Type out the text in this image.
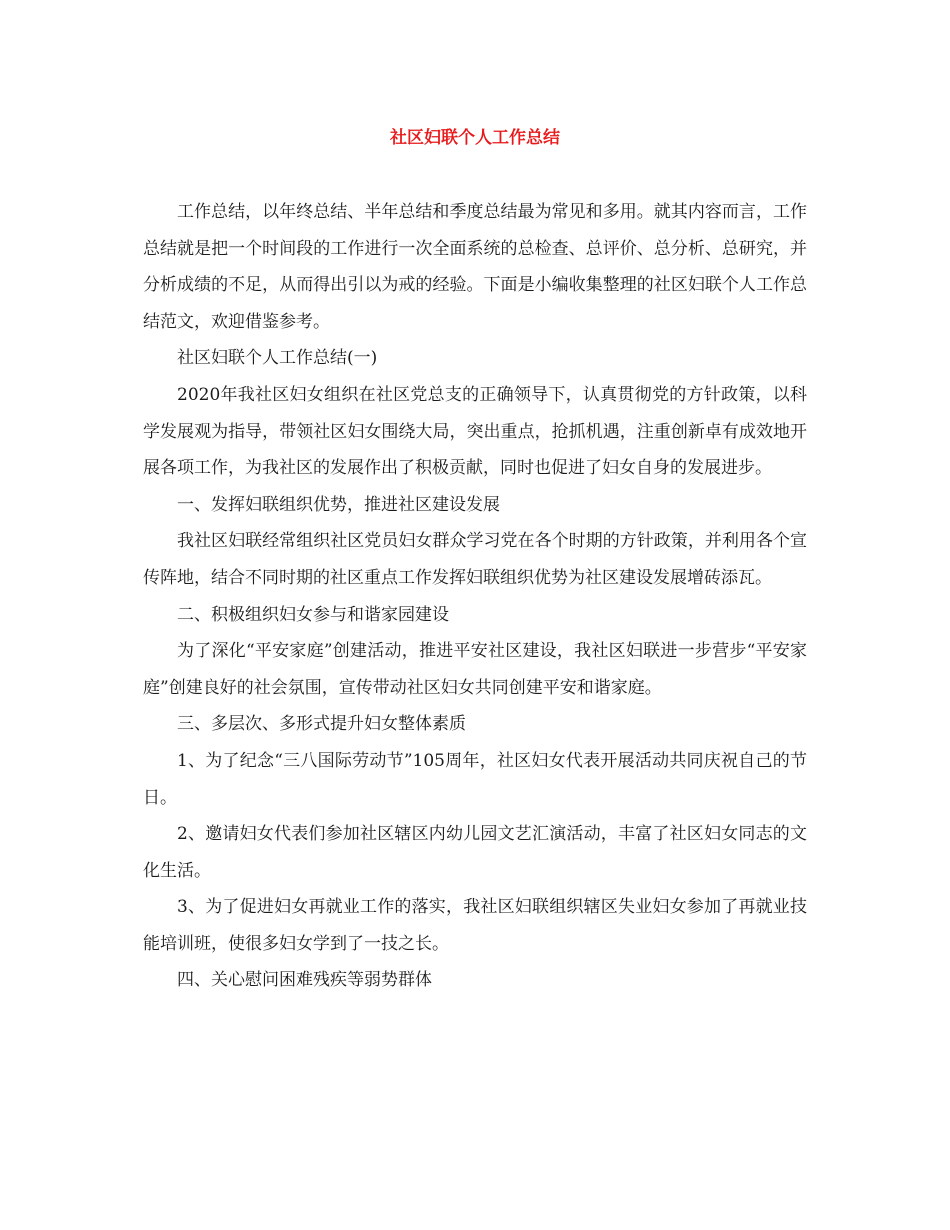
社区妇联个人工作总结

工作总结，以年终总结、半年总结和季度总结最为常见和多用。就其内容而言，工作总结就是把一个时间段的工作进行一次全面系统的总检查、总评价、总分析、总研究，并分析成绩的不足，从而得出引以为戒的经验。下面是小编收集整理的社区妇联个人工作总结范文，欢迎借鉴参考。

社区妇联个人工作总结(一)

2020年我社区妇女组织在社区党总支的正确领导下，认真贯彻党的方针政策，以科学发展观为指导，带领社区妇女围绕大局，突出重点，抢抓机遇，注重创新卓有成效地开展各项工作，为我社区的发展作出了积极贡献，同时也促进了妇女自身的发展进步。

一、发挥妇联组织优势，推进社区建设发展

我社区妇联经常组织社区党员妇女群众学习党在各个时期的方针政策，并利用各个宣传阵地，结合不同时期的社区重点工作发挥妇联组织优势为社区建设发展增砖添瓦。

二、积极组织妇女参与和谐家园建设

为了深化“平安家庭”创建活动，推进平安社区建设，我社区妇联进一步营步“平安家庭”创建良好的社会氛围，宣传带动社区妇女共同创建平安和谐家庭。

三、多层次、多形式提升妇女整体素质

1、为了纪念“三八国际劳动节”105周年，社区妇女代表开展活动共同庆祝自己的节日。

2、邀请妇女代表们参加社区辖区内幼儿园文艺汇演活动，丰富了社区妇女同志的文化生活。

3、为了促进妇女再就业工作的落实，我社区妇联组织辖区失业妇女参加了再就业技能培训班，使很多妇女学到了一技之长。

四、关心慰问困难残疾等弱势群体
